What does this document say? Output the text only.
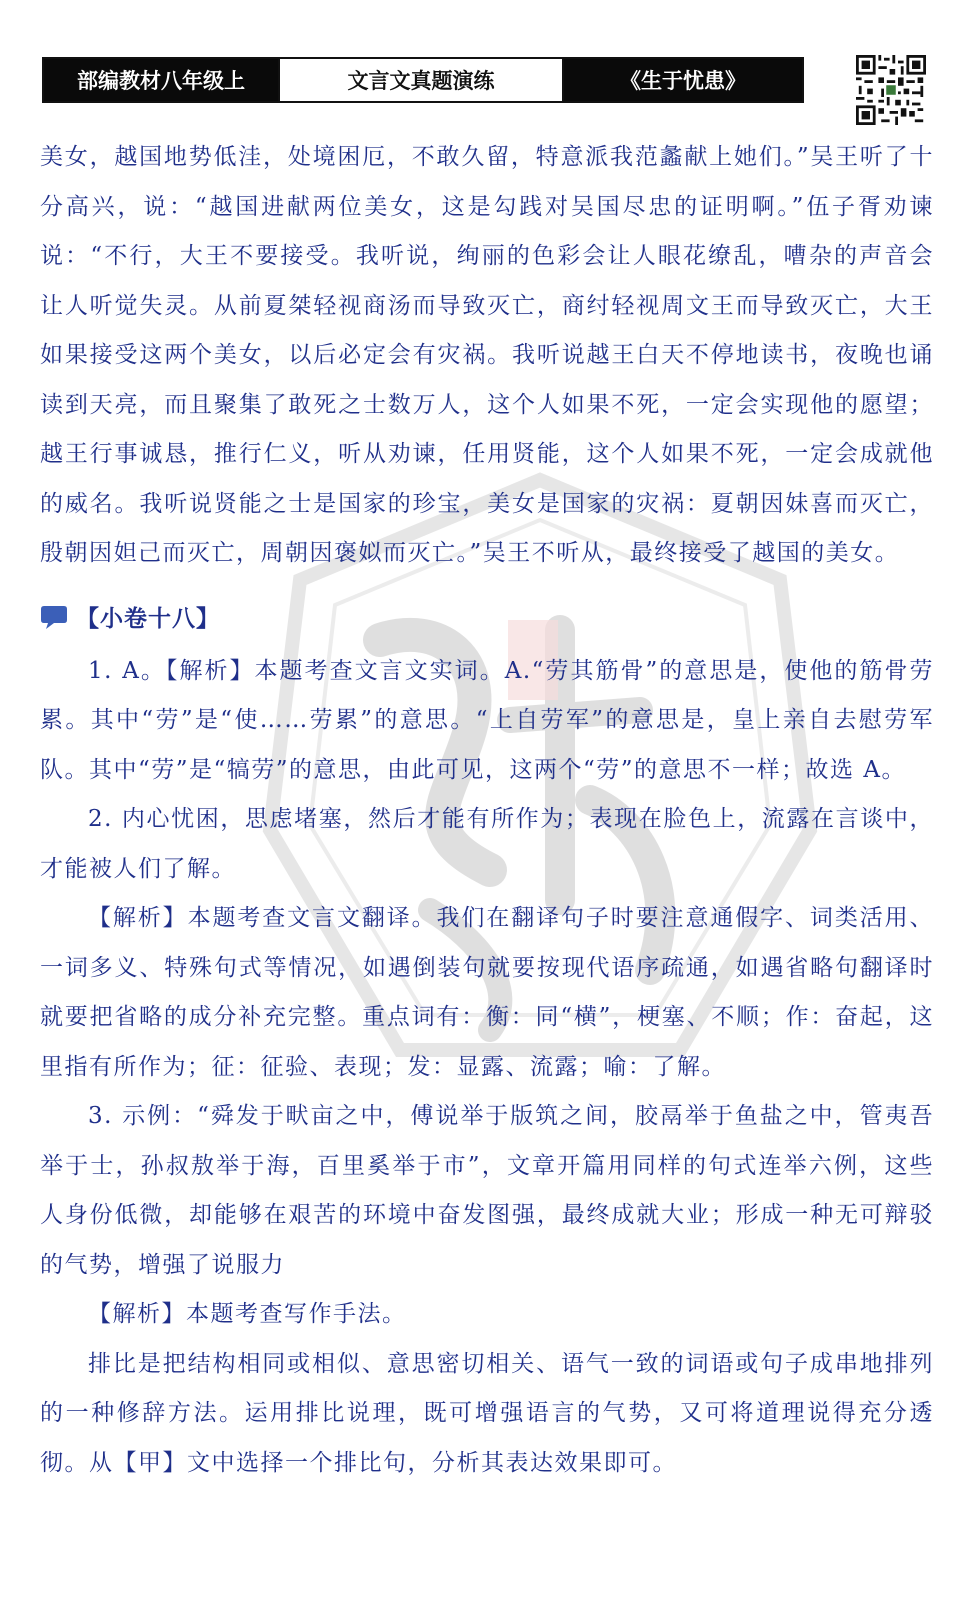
部编教材八年级上	文言文真题演练	《生于忧患》

美女，越国地势低洼，处境困厄，不敢久留，特意派我范蠡献上她们。”吴王听了十分高兴，说：“越国进献两位美女，这是勾践对吴国尽忠的证明啊。”伍子胥劝谏说：“不行，大王不要接受。我听说，绚丽的色彩会让人眼花缭乱，嘈杂的声音会让人听觉失灵。从前夏桀轻视商汤而导致灭亡，商纣轻视周文王而导致灭亡，大王如果接受这两个美女，以后必定会有灾祸。我听说越王白天不停地读书，夜晚也诵读到天亮，而且聚集了敢死之士数万人，这个人如果不死，一定会实现他的愿望；越王行事诚恳，推行仁义，听从劝谏，任用贤能，这个人如果不死，一定会成就他的威名。我听说贤能之士是国家的珍宝，美女是国家的灾祸：夏朝因妹喜而灭亡，殷朝因妲己而灭亡，周朝因褒姒而灭亡。”吴王不听从，最终接受了越国的美女。

【小卷十八】

1. A。【解析】本题考查文言文实词。A.“劳其筋骨”的意思是，使他的筋骨劳累。其中“劳”是“使……劳累”的意思。“上自劳军”的意思是，皇上亲自去慰劳军队。其中“劳”是“犒劳”的意思，由此可见，这两个“劳”的意思不一样；故选 A。

2. 内心忧困，思虑堵塞，然后才能有所作为；表现在脸色上，流露在言谈中，才能被人们了解。

【解析】本题考查文言文翻译。我们在翻译句子时要注意通假字、词类活用、一词多义、特殊句式等情况，如遇倒装句就要按现代语序疏通，如遇省略句翻译时就要把省略的成分补充完整。重点词有：衡：同“横”，梗塞、不顺；作：奋起，这里指有所作为；征：征验、表现；发：显露、流露；喻：了解。

3. 示例：“舜发于畎亩之中，傅说举于版筑之间，胶鬲举于鱼盐之中，管夷吾举于士，孙叔敖举于海，百里奚举于市”，文章开篇用同样的句式连举六例，这些人身份低微，却能够在艰苦的环境中奋发图强，最终成就大业；形成一种无可辩驳的气势，增强了说服力

【解析】本题考查写作手法。

排比是把结构相同或相似、意思密切相关、语气一致的词语或句子成串地排列的一种修辞方法。运用排比说理，既可增强语言的气势，又可将道理说得充分透彻。从【甲】文中选择一个排比句，分析其表达效果即可。
